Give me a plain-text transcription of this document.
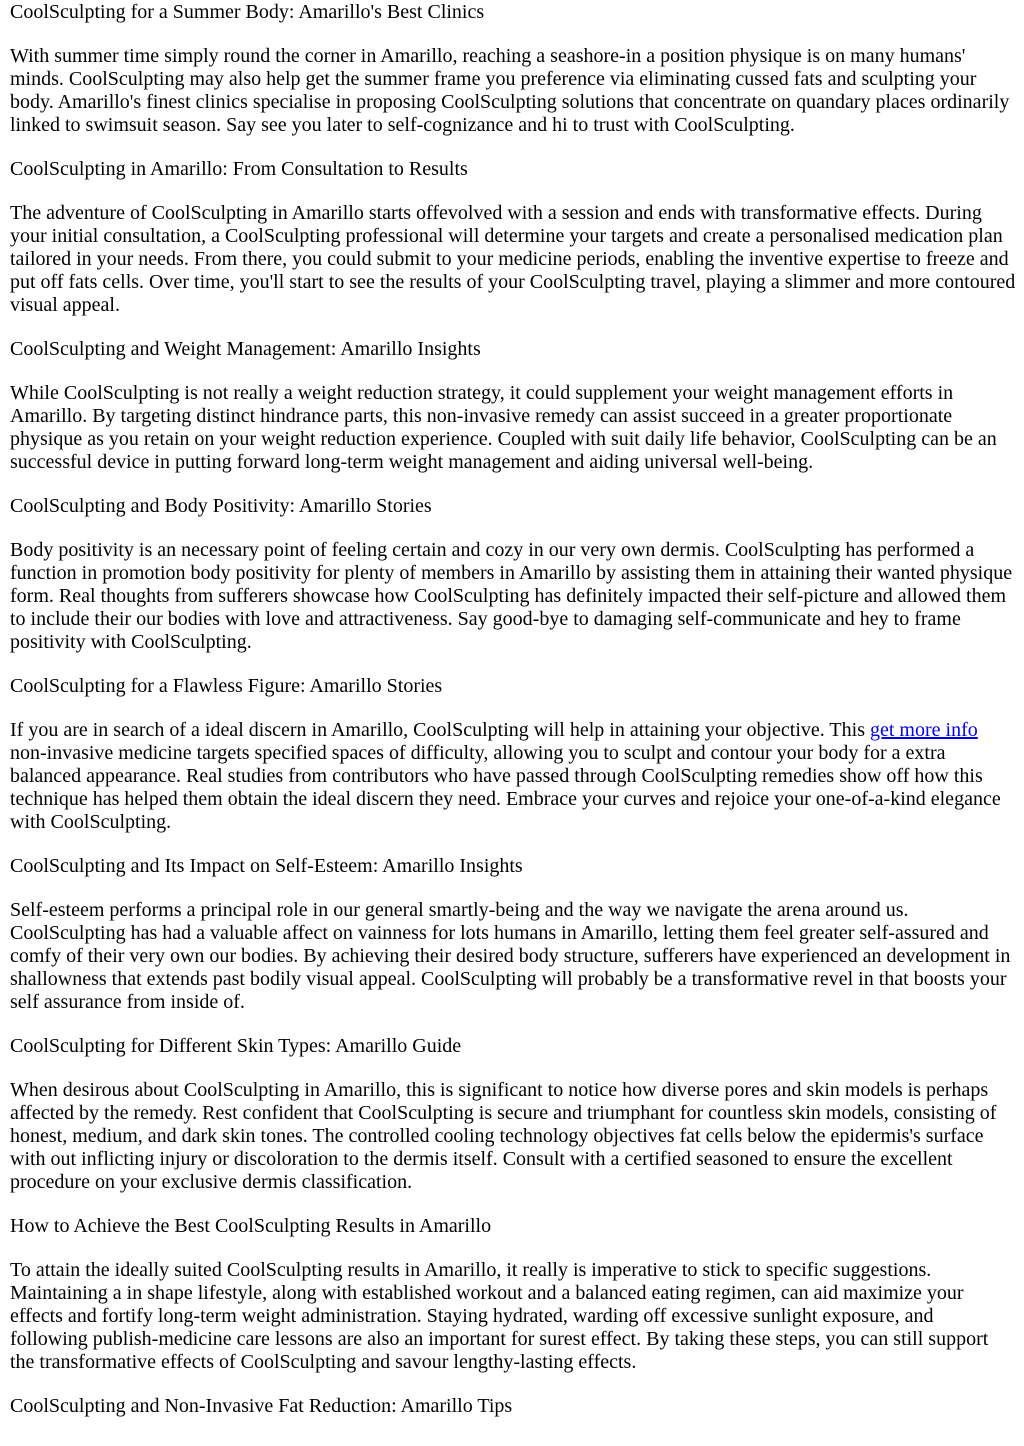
CoolSculpting for a Summer Body: Amarillo's Best Clinics

With summer time simply round the corner in Amarillo, reaching a seashore-in a position physique is on many humans' minds. CoolSculpting may also help get the summer frame you preference via eliminating cussed fats and sculpting your body. Amarillo's finest clinics specialise in proposing CoolSculpting solutions that concentrate on quandary places ordinarily linked to swimsuit season. Say see you later to self-cognizance and hi to trust with CoolSculpting.

CoolSculpting in Amarillo: From Consultation to Results

The adventure of CoolSculpting in Amarillo starts offevolved with a session and ends with transformative effects. During your initial consultation, a CoolSculpting professional will determine your targets and create a personalised medication plan tailored in your needs. From there, you could submit to your medicine periods, enabling the inventive expertise to freeze and put off fats cells. Over time, you'll start to see the results of your CoolSculpting travel, playing a slimmer and more contoured visual appeal.

CoolSculpting and Weight Management: Amarillo Insights

While CoolSculpting is not really a weight reduction strategy, it could supplement your weight management efforts in Amarillo. By targeting distinct hindrance parts, this non-invasive remedy can assist succeed in a greater proportionate physique as you retain on your weight reduction experience. Coupled with suit daily life behavior, CoolSculpting can be an successful device in putting forward long-term weight management and aiding universal well-being.

CoolSculpting and Body Positivity: Amarillo Stories

Body positivity is an necessary point of feeling certain and cozy in our very own dermis. CoolSculpting has performed a function in promotion body positivity for plenty of members in Amarillo by assisting them in attaining their wanted physique form. Real thoughts from sufferers showcase how CoolSculpting has definitely impacted their self-picture and allowed them to include their our bodies with love and attractiveness. Say good-bye to damaging self-communicate and hey to frame positivity with CoolSculpting.

CoolSculpting for a Flawless Figure: Amarillo Stories

If you are in search of a ideal discern in Amarillo, CoolSculpting will help in attaining your objective. This get more info non-invasive medicine targets specified spaces of difficulty, allowing you to sculpt and contour your body for a extra balanced appearance. Real studies from contributors who have passed through CoolSculpting remedies show off how this technique has helped them obtain the ideal discern they need. Embrace your curves and rejoice your one-of-a-kind elegance with CoolSculpting.

CoolSculpting and Its Impact on Self-Esteem: Amarillo Insights

Self-esteem performs a principal role in our general smartly-being and the way we navigate the arena around us. CoolSculpting has had a valuable affect on vainness for lots humans in Amarillo, letting them feel greater self-assured and comfy of their very own our bodies. By achieving their desired body structure, sufferers have experienced an development in shallowness that extends past bodily visual appeal. CoolSculpting will probably be a transformative revel in that boosts your self assurance from inside of.

CoolSculpting for Different Skin Types: Amarillo Guide

When desirous about CoolSculpting in Amarillo, this is significant to notice how diverse pores and skin models is perhaps affected by the remedy. Rest confident that CoolSculpting is secure and triumphant for countless skin models, consisting of honest, medium, and dark skin tones. The controlled cooling technology objectives fat cells below the epidermis's surface with out inflicting injury or discoloration to the dermis itself. Consult with a certified seasoned to ensure the excellent procedure on your exclusive dermis classification.

How to Achieve the Best CoolSculpting Results in Amarillo

To attain the ideally suited CoolSculpting results in Amarillo, it really is imperative to stick to specific suggestions. Maintaining a in shape lifestyle, along with established workout and a balanced eating regimen, can aid maximize your effects and fortify long-term weight administration. Staying hydrated, warding off excessive sunlight exposure, and following publish-medicine care lessons are also an important for surest effect. By taking these steps, you can still support the transformative effects of CoolSculpting and savour lengthy-lasting effects.

CoolSculpting and Non-Invasive Fat Reduction: Amarillo Tips
